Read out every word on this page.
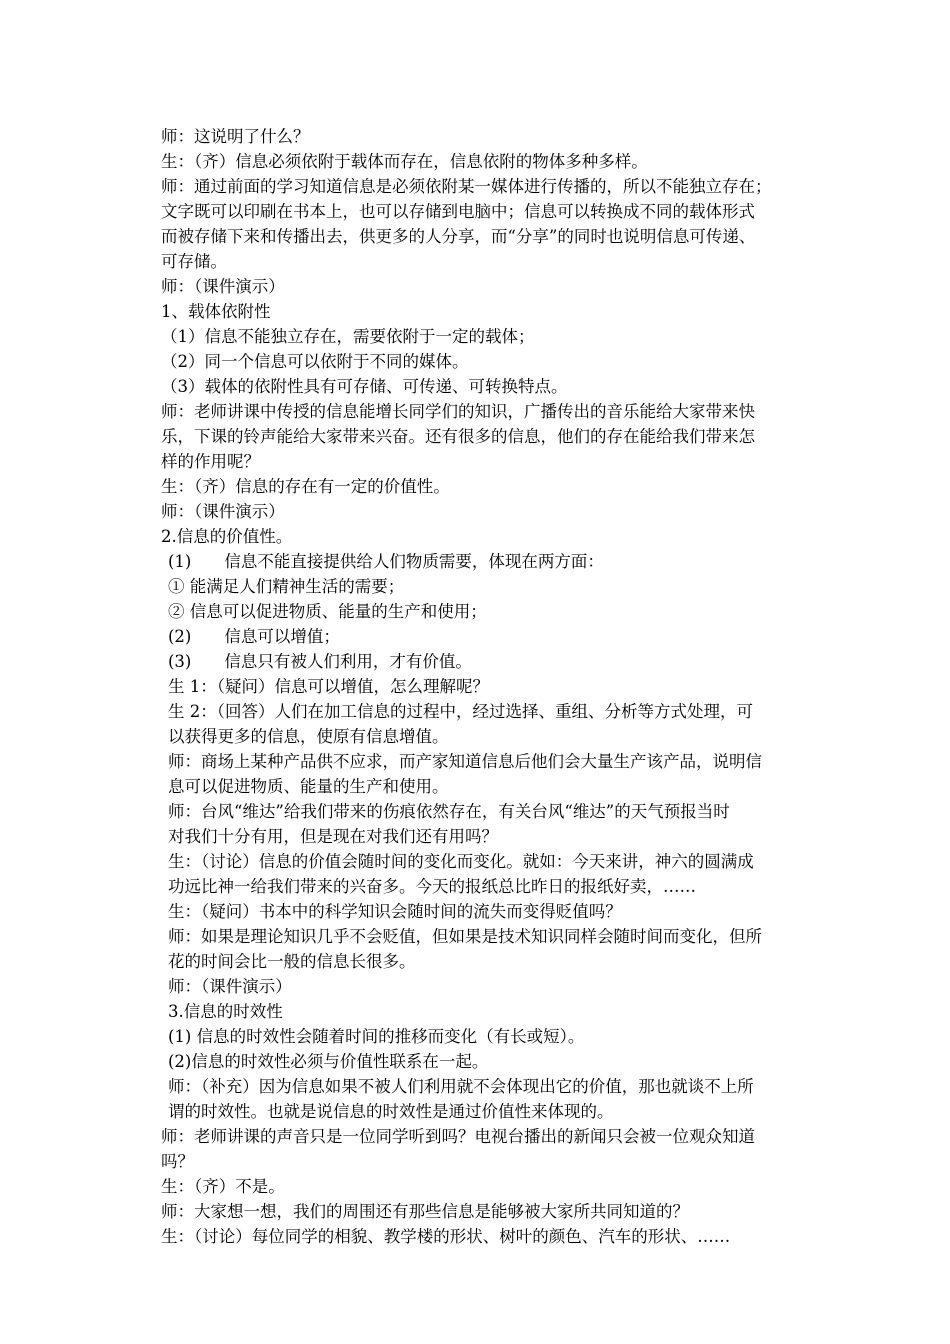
师：这说明了什么？
生：（齐）信息必须依附于载体而存在，信息依附的物体多种多样。
师：通过前面的学习知道信息是必须依附某一媒体进行传播的，所以不能独立存在；
文字既可以印刷在书本上，也可以存储到电脑中；信息可以转换成不同的载体形式
而被存储下来和传播出去，供更多的人分享，而“分享”的同时也说明信息可传递、
可存储。
师：（课件演示）
1、载体依附性
（1）信息不能独立存在，需要依附于一定的载体；
（2）同一个信息可以依附于不同的媒体。
（3）载体的依附性具有可存储、可传递、可转换特点。
师：老师讲课中传授的信息能增长同学们的知识，广播传出的音乐能给大家带来快
乐，下课的铃声能给大家带来兴奋。还有很多的信息，他们的存在能给我们带来怎
样的作用呢？
生：（齐）信息的存在有一定的价值性。
师：（课件演示）
2.信息的价值性。
(1)　　信息不能直接提供给人们物质需要，体现在两方面：
① 能满足人们精神生活的需要；
② 信息可以促进物质、能量的生产和使用；
(2)　　信息可以增值；
(3)　　信息只有被人们利用，才有价值。
生 1：（疑问）信息可以增值，怎么理解呢？
生 2：（回答）人们在加工信息的过程中，经过选择、重组、分析等方式处理，可
以获得更多的信息，使原有信息增值。
师：商场上某种产品供不应求，而产家知道信息后他们会大量生产该产品，说明信
息可以促进物质、能量的生产和使用。
师：台风“维达”给我们带来的伤痕依然存在，有关台风“维达”的天气预报当时
对我们十分有用，但是现在对我们还有用吗？
生：（讨论）信息的价值会随时间的变化而变化。就如：今天来讲，神六的圆满成
功远比神一给我们带来的兴奋多。今天的报纸总比昨日的报纸好卖，……
生：（疑问）书本中的科学知识会随时间的流失而变得贬值吗？
师：如果是理论知识几乎不会贬值，但如果是技术知识同样会随时间而变化，但所
花的时间会比一般的信息长很多。
师：（课件演示）
3.信息的时效性
(1) 信息的时效性会随着时间的推移而变化（有长或短）。
(2)信息的时效性必须与价值性联系在一起。
师：（补充）因为信息如果不被人们利用就不会体现出它的价值，那也就谈不上所
谓的时效性。也就是说信息的时效性是通过价值性来体现的。
师：老师讲课的声音只是一位同学听到吗？电视台播出的新闻只会被一位观众知道
吗？
生：（齐）不是。
师：大家想一想，我们的周围还有那些信息是能够被大家所共同知道的？
生：（讨论）每位同学的相貌、教学楼的形状、树叶的颜色、汽车的形状、……
